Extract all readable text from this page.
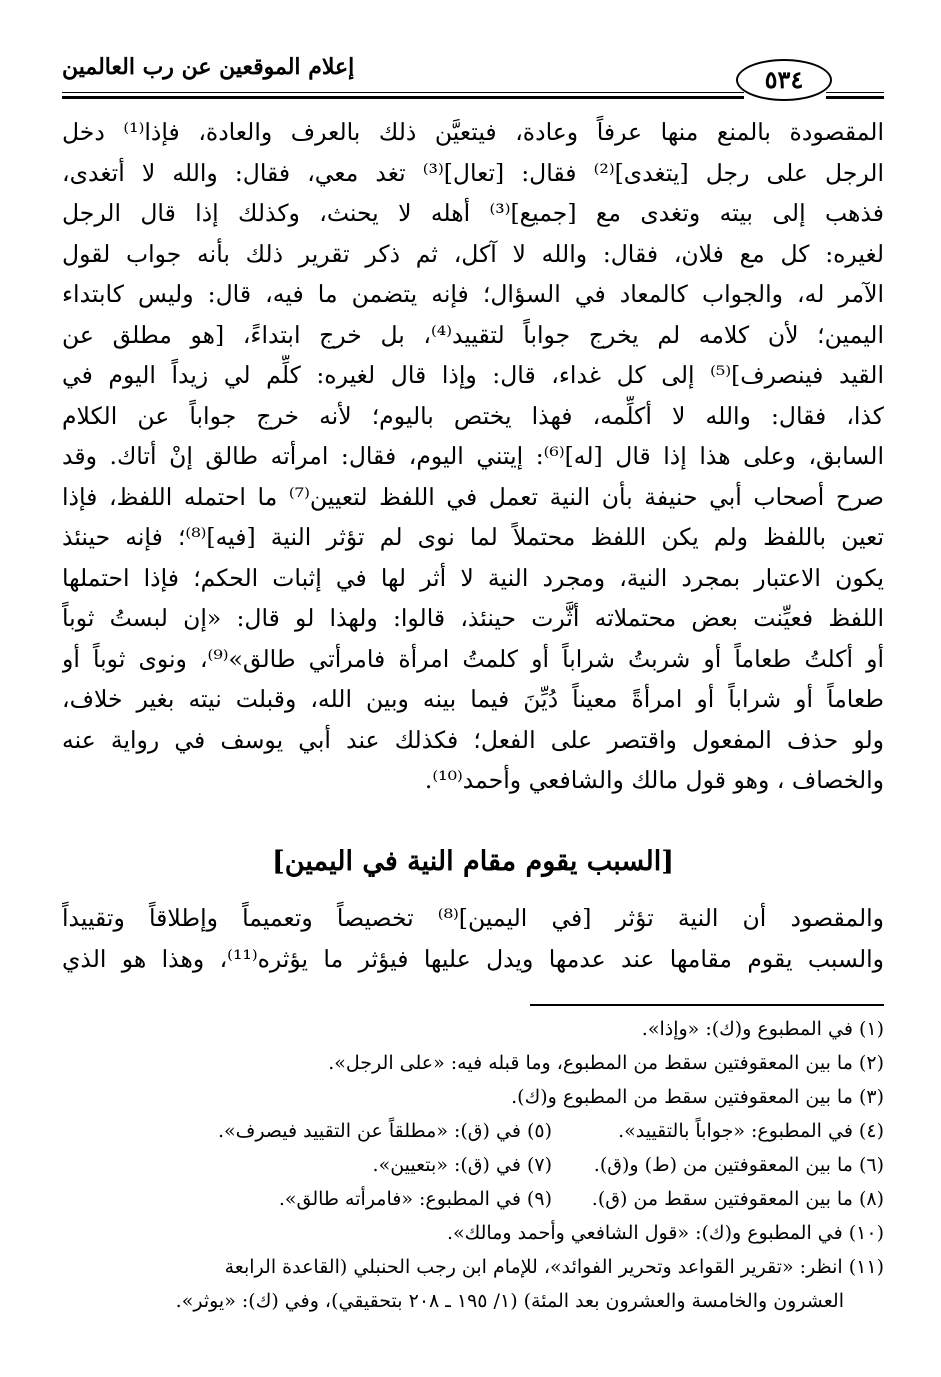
إعلام الموقعين عن رب العالمين	٥٣٤
المقصودة بالمنع منها عرفاً وعادة، فيتعيَّن ذلك بالعرف والعادة، فإذا⁽¹⁾ دخل
الرجل على رجل [يتغدى]⁽²⁾ فقال: [تعال]⁽³⁾ تغد معي، فقال: والله لا أتغدى،
فذهب إلى بيته وتغدى مع [جميع]⁽³⁾ أهله لا يحنث، وكذلك إذا قال الرجل
لغيره: كل مع فلان، فقال: والله لا آكل، ثم ذكر تقرير ذلك بأنه جواب لقول
الآمر له، والجواب كالمعاد في السؤال؛ فإنه يتضمن ما فيه، قال: وليس كابتداء
اليمين؛ لأن كلامه لم يخرج جواباً لتقييد⁽⁴⁾، بل خرج ابتداءً، [هو مطلق عن
القيد فينصرف]⁽⁵⁾ إلى كل غداء، قال: وإذا قال لغيره: كلِّم لي زيداً اليوم في
كذا، فقال: والله لا أكلِّمه، فهذا يختص باليوم؛ لأنه خرج جواباً عن الكلام
السابق، وعلى هذا إذا قال [له]⁽⁶⁾: إيتني اليوم، فقال: امرأته طالق إنْ أتاك. وقد
صرح أصحاب أبي حنيفة بأن النية تعمل في اللفظ لتعيين⁽⁷⁾ ما احتمله اللفظ، فإذا
تعين باللفظ ولم يكن اللفظ محتملاً لما نوى لم تؤثر النية [فيه]⁽⁸⁾؛ فإنه حينئذ
يكون الاعتبار بمجرد النية، ومجرد النية لا أثر لها في إثبات الحكم؛ فإذا احتملها
اللفظ فعيِّنت بعض محتملاته أثَّرت حينئذ، قالوا: ولهذا لو قال: «إن لبستُ ثوباً
أو أكلتُ طعاماً أو شربتُ شراباً أو كلمتُ امرأة فامرأتي طالق»⁽⁹⁾، ونوى ثوباً أو
طعاماً أو شراباً أو امرأةً معيناً دُيِّنَ فيما بينه وبين الله، وقبلت نيته بغير خلاف،
ولو حذف المفعول واقتصر على الفعل؛ فكذلك عند أبي يوسف في رواية عنه
والخصاف ، وهو قول مالك والشافعي وأحمد⁽¹⁰⁾.
[السبب يقوم مقام النية في اليمين]
والمقصود أن النية تؤثر [في اليمين]⁽⁸⁾ تخصيصاً وتعميماً وإطلاقاً وتقييداً
والسبب يقوم مقامها عند عدمها ويدل عليها فيؤثر ما يؤثره⁽¹¹⁾، وهذا هو الذي
(١) في المطبوع و(ك): «وإذا».
(٢) ما بين المعقوفتين سقط من المطبوع، وما قبله فيه: «على الرجل».
(٣) ما بين المعقوفتين سقط من المطبوع و(ك).
(٤) في المطبوع: «جواباً بالتقييد».
(٥) في (ق): «مطلقاً عن التقييد فيصرف».
(٦) ما بين المعقوفتين من (ط) و(ق).
(٧) في (ق): «بتعيين».
(٨) ما بين المعقوفتين سقط من (ق).
(٩) في المطبوع: «فامرأته طالق».
(١٠) في المطبوع و(ك): «قول الشافعي وأحمد ومالك».
(١١) انظر: «تقرير القواعد وتحرير الفوائد»، للإمام ابن رجب الحنبلي (القاعدة الرابعة
العشرون والخامسة والعشرون بعد المئة) (١/ ١٩٥ ـ ٢٠٨ بتحقيقي)، وفي (ك): «يوثر».
